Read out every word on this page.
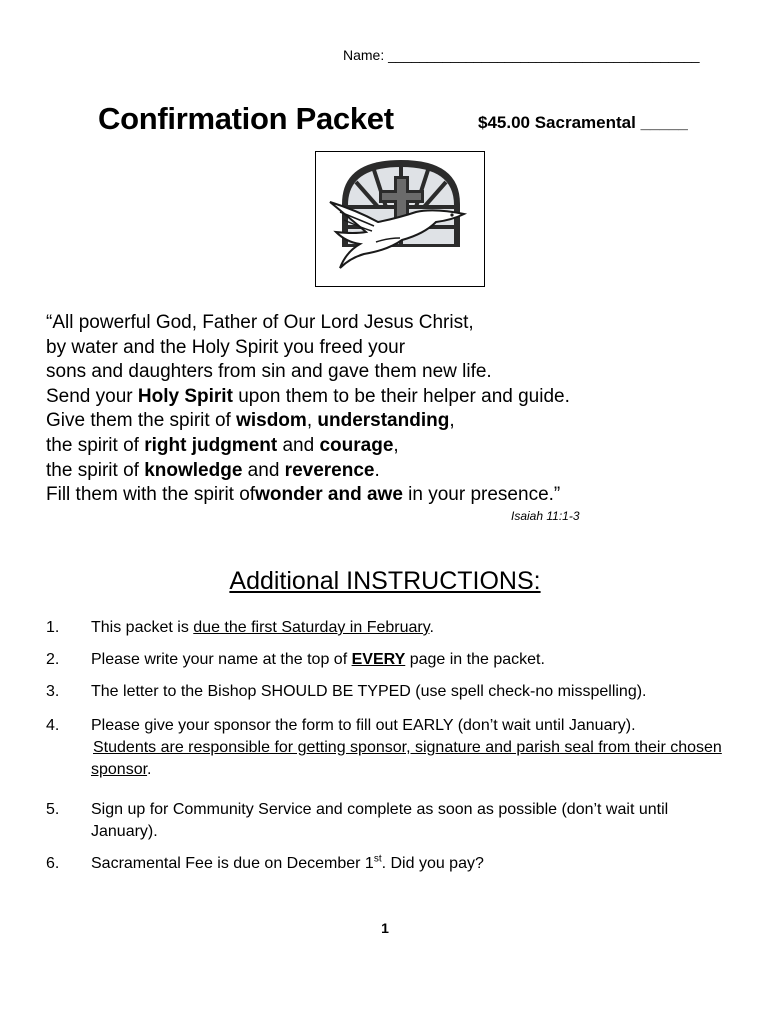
Name: ________________________________________
Confirmation Packet	$45.00 Sacramental _____
“All powerful God, Father of Our Lord Jesus Christ,
by water and the Holy Spirit you freed your
sons and daughters from sin and gave them new life.
Send your Holy Spirit upon them to be their helper and guide.
Give them the spirit of wisdom, understanding,
the spirit of right judgment and courage,
the spirit of knowledge and reverence.
Fill them with the spirit ofwonder and awe in your presence.”
Isaiah 11:1-3
Additional INSTRUCTIONS:
1. This packet is due the first Saturday in February.
2. Please write your name at the top of EVERY page in the packet.
3. The letter to the Bishop SHOULD BE TYPED (use spell check-no misspelling).
4. Please give your sponsor the form to fill out EARLY (don’t wait until January).
Students are responsible for getting sponsor, signature and parish seal from their chosen sponsor.
5. Sign up for Community Service and complete as soon as possible (don’t wait until January).
6. Sacramental Fee is due on December 1st. Did you pay?
1
